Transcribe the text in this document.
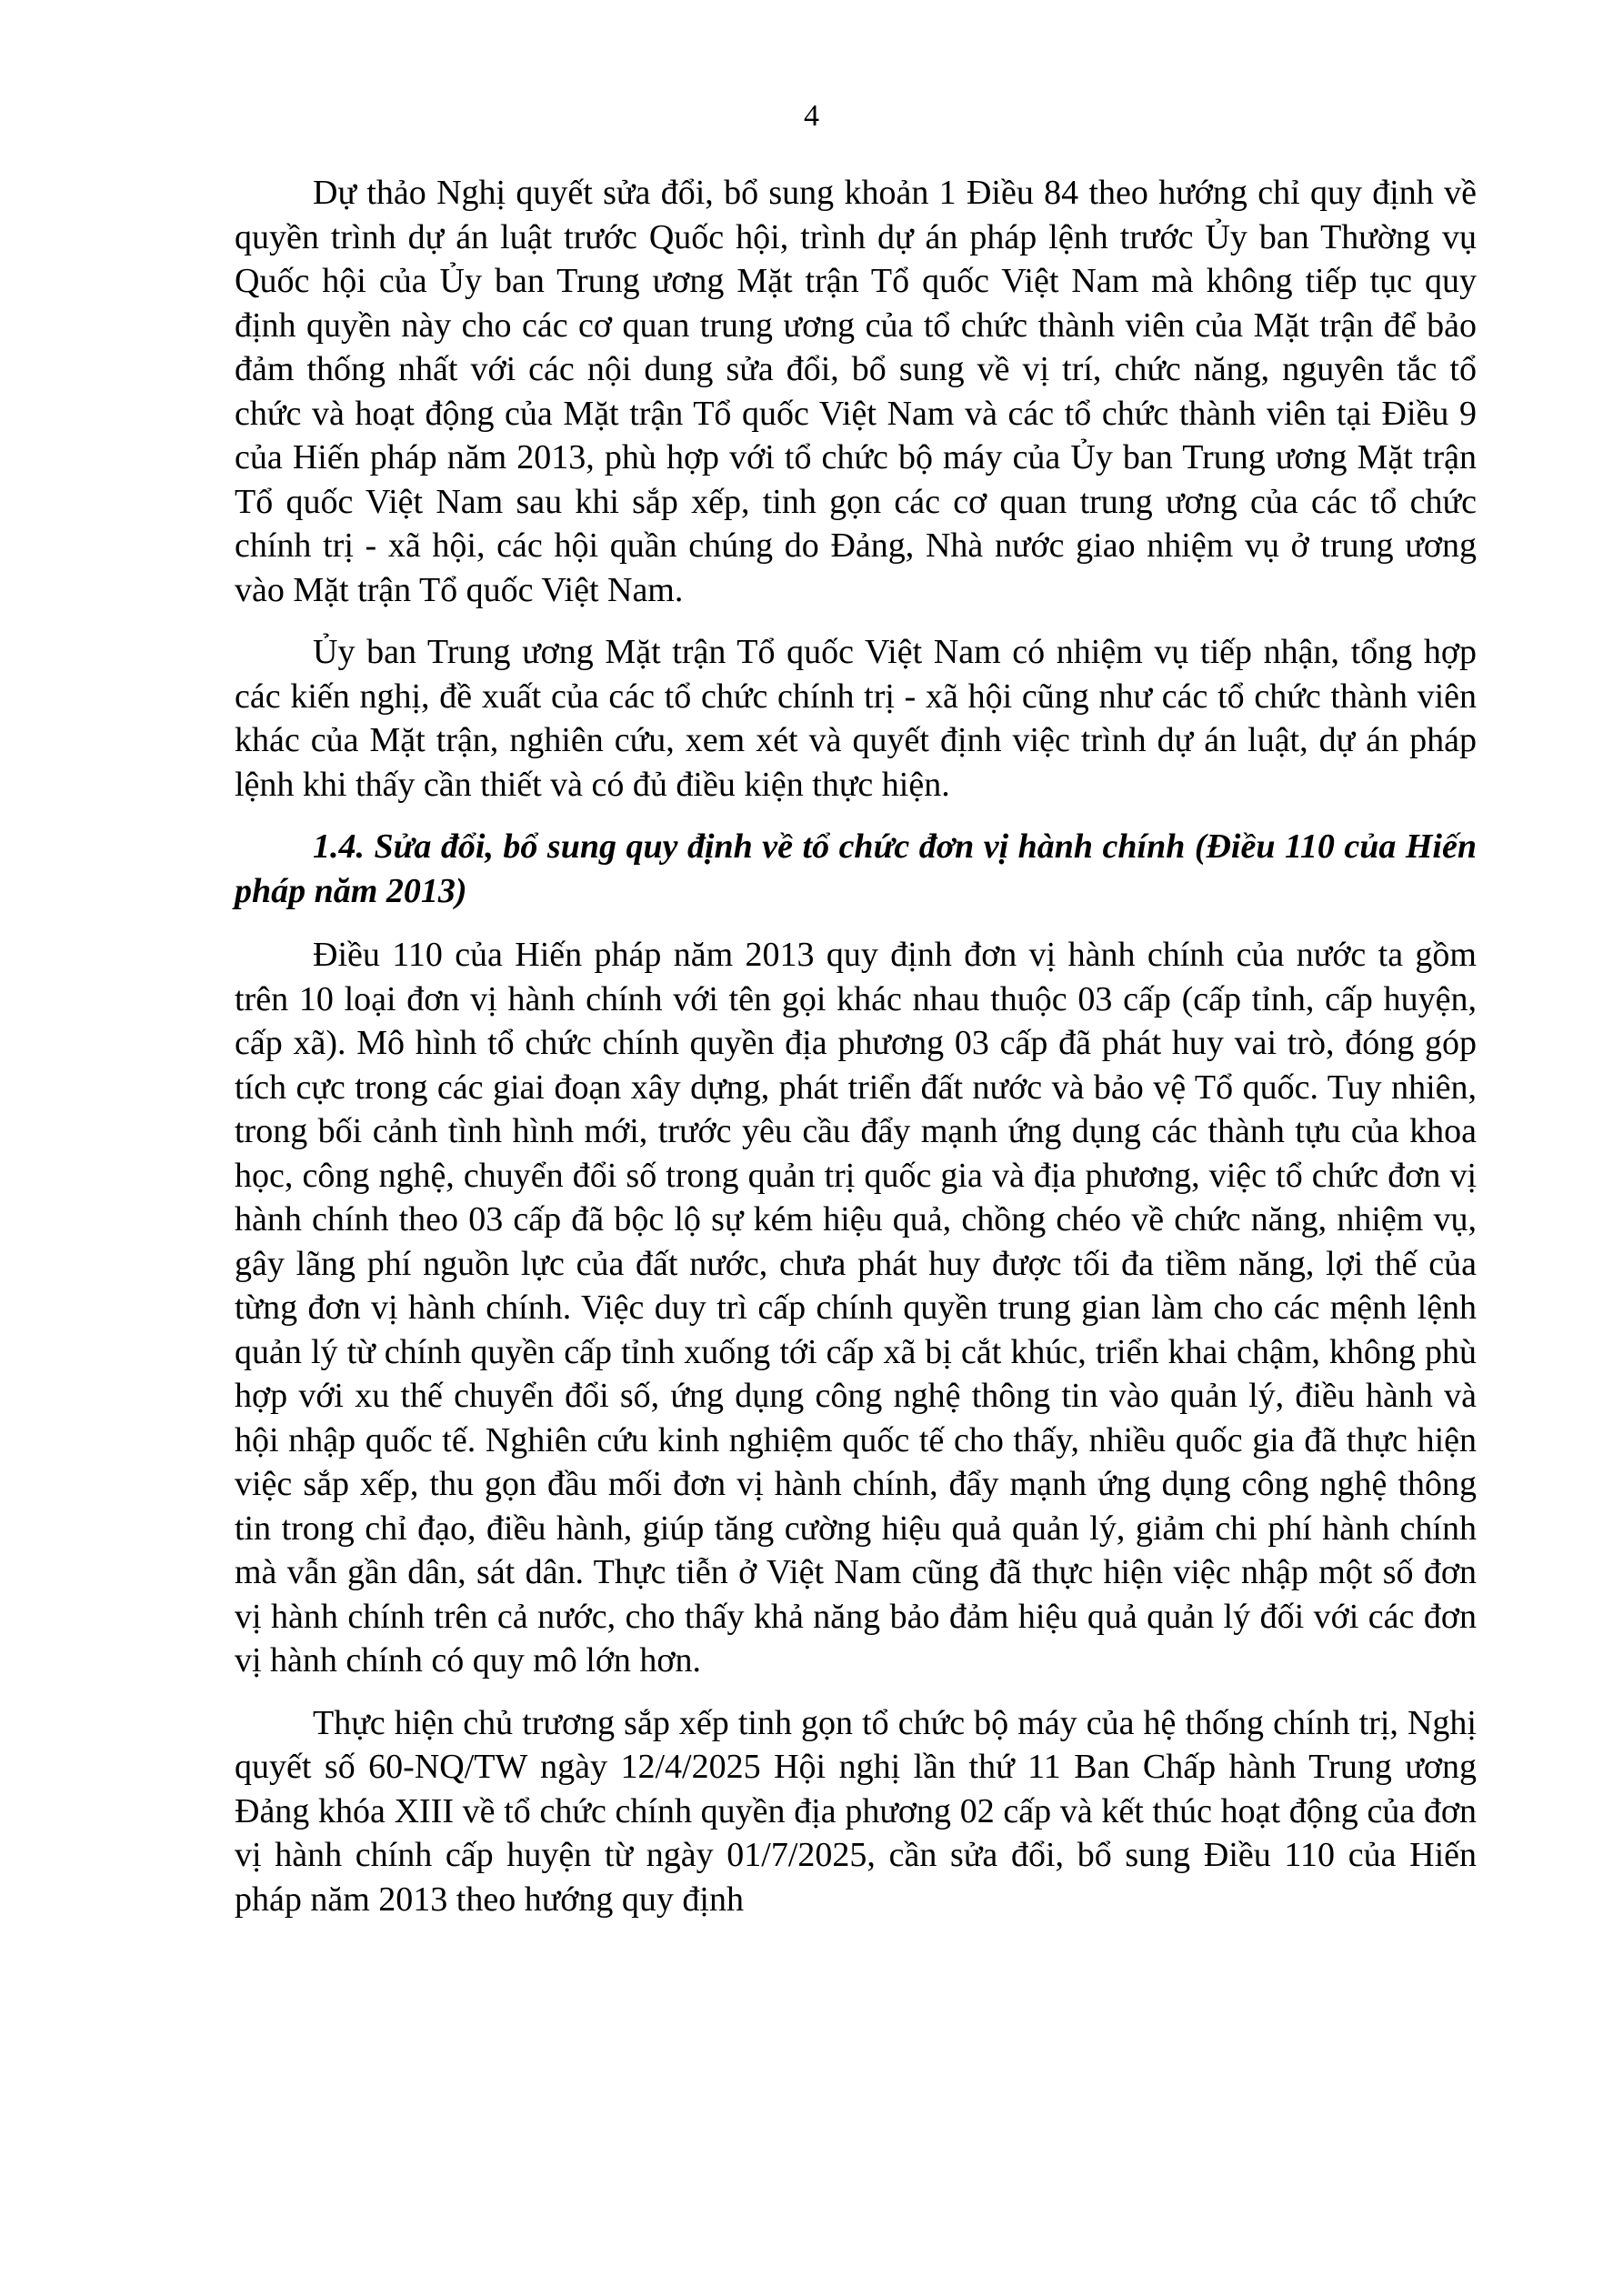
4

Dự thảo Nghị quyết sửa đổi, bổ sung khoản 1 Điều 84 theo hướng chỉ quy định về quyền trình dự án luật trước Quốc hội, trình dự án pháp lệnh trước Ủy ban Thường vụ Quốc hội của Ủy ban Trung ương Mặt trận Tổ quốc Việt Nam mà không tiếp tục quy định quyền này cho các cơ quan trung ương của tổ chức thành viên của Mặt trận để bảo đảm thống nhất với các nội dung sửa đổi, bổ sung về vị trí, chức năng, nguyên tắc tổ chức và hoạt động của Mặt trận Tổ quốc Việt Nam và các tổ chức thành viên tại Điều 9 của Hiến pháp năm 2013, phù hợp với tổ chức bộ máy của Ủy ban Trung ương Mặt trận Tổ quốc Việt Nam sau khi sắp xếp, tinh gọn các cơ quan trung ương của các tổ chức chính trị - xã hội, các hội quần chúng do Đảng, Nhà nước giao nhiệm vụ ở trung ương vào Mặt trận Tổ quốc Việt Nam.

Ủy ban Trung ương Mặt trận Tổ quốc Việt Nam có nhiệm vụ tiếp nhận, tổng hợp các kiến nghị, đề xuất của các tổ chức chính trị - xã hội cũng như các tổ chức thành viên khác của Mặt trận, nghiên cứu, xem xét và quyết định việc trình dự án luật, dự án pháp lệnh khi thấy cần thiết và có đủ điều kiện thực hiện.

1.4. Sửa đổi, bổ sung quy định về tổ chức đơn vị hành chính (Điều 110 của Hiến pháp năm 2013)

Điều 110 của Hiến pháp năm 2013 quy định đơn vị hành chính của nước ta gồm trên 10 loại đơn vị hành chính với tên gọi khác nhau thuộc 03 cấp (cấp tỉnh, cấp huyện, cấp xã). Mô hình tổ chức chính quyền địa phương 03 cấp đã phát huy vai trò, đóng góp tích cực trong các giai đoạn xây dựng, phát triển đất nước và bảo vệ Tổ quốc. Tuy nhiên, trong bối cảnh tình hình mới, trước yêu cầu đẩy mạnh ứng dụng các thành tựu của khoa học, công nghệ, chuyển đổi số trong quản trị quốc gia và địa phương, việc tổ chức đơn vị hành chính theo 03 cấp đã bộc lộ sự kém hiệu quả, chồng chéo về chức năng, nhiệm vụ, gây lãng phí nguồn lực của đất nước, chưa phát huy được tối đa tiềm năng, lợi thế của từng đơn vị hành chính. Việc duy trì cấp chính quyền trung gian làm cho các mệnh lệnh quản lý từ chính quyền cấp tỉnh xuống tới cấp xã bị cắt khúc, triển khai chậm, không phù hợp với xu thế chuyển đổi số, ứng dụng công nghệ thông tin vào quản lý, điều hành và hội nhập quốc tế. Nghiên cứu kinh nghiệm quốc tế cho thấy, nhiều quốc gia đã thực hiện việc sắp xếp, thu gọn đầu mối đơn vị hành chính, đẩy mạnh ứng dụng công nghệ thông tin trong chỉ đạo, điều hành, giúp tăng cường hiệu quả quản lý, giảm chi phí hành chính mà vẫn gần dân, sát dân. Thực tiễn ở Việt Nam cũng đã thực hiện việc nhập một số đơn vị hành chính trên cả nước, cho thấy khả năng bảo đảm hiệu quả quản lý đối với các đơn vị hành chính có quy mô lớn hơn.

Thực hiện chủ trương sắp xếp tinh gọn tổ chức bộ máy của hệ thống chính trị, Nghị quyết số 60-NQ/TW ngày 12/4/2025 Hội nghị lần thứ 11 Ban Chấp hành Trung ương Đảng khóa XIII về tổ chức chính quyền địa phương 02 cấp và kết thúc hoạt động của đơn vị hành chính cấp huyện từ ngày 01/7/2025, cần sửa đổi, bổ sung Điều 110 của Hiến pháp năm 2013 theo hướng quy định
